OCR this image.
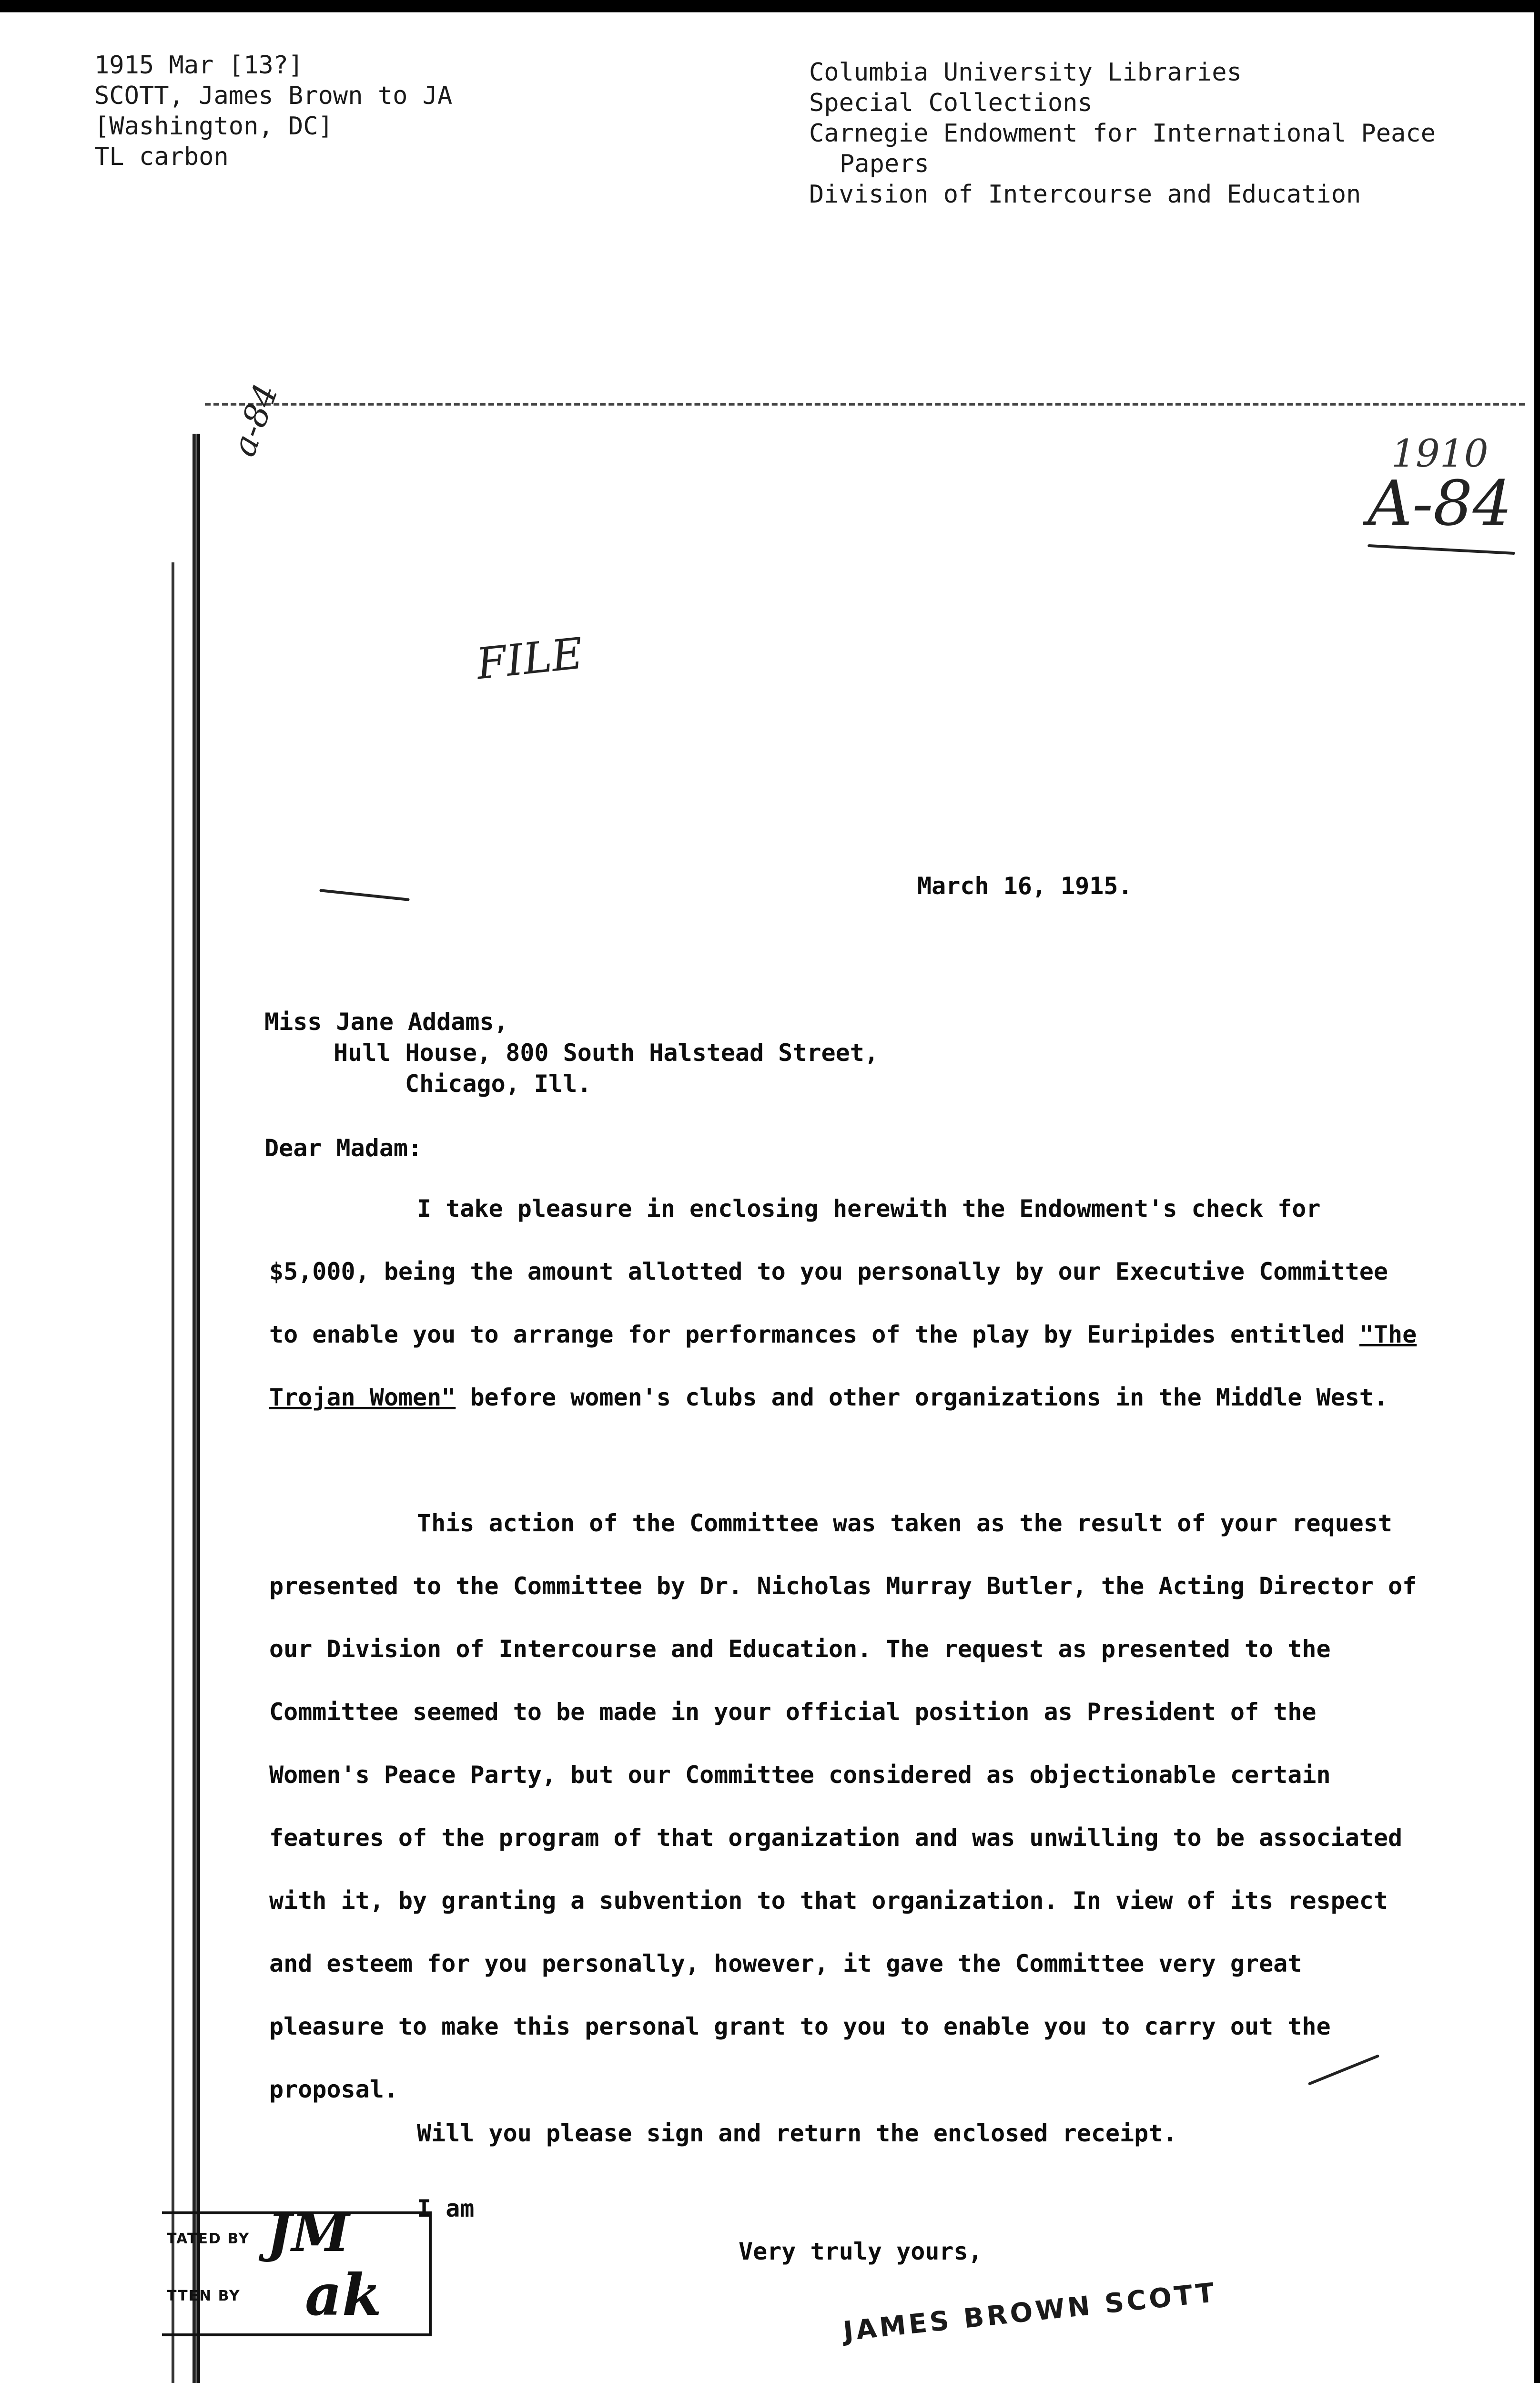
1915 Mar [13?]
SCOTT, James Brown to JA
[Washington, DC]
TL carbon
Columbia University Libraries
Special Collections
Carnegie Endowment for International Peace
Papers
Division of Intercourse and Education
a-84	1910
A-84
FILE
March 16, 1915.
Miss Jane Addams,
Hull House, 800 South Halstead Street,
Chicago, Ill.
Dear Madam:
I take pleasure in enclosing herewith the Endowment's check for $5,000, being the amount allotted to you personally by our Executive Committee to enable you to arrange for performances of the play by Euripides entitled "The Trojan Women" before women's clubs and other organizations in the Middle West.
This action of the Committee was taken as the result of your request presented to the Committee by Dr. Nicholas Murray Butler, the Acting Director of our Division of Intercourse and Education. The request as presented to the Committee seemed to be made in your official position as President of the Women's Peace Party, but our Committee considered as objectionable certain features of the program of that organization and was unwilling to be associated with it, by granting a subvention to that organization. In view of its respect and esteem for you personally, however, it gave the Committee very great pleasure to make this personal grant to you to enable you to carry out the proposal.
Will you please sign and return the enclosed receipt.
I am
Very truly yours,
JAMES BROWN SCOTT
TATED BY JM
TTEN BY ak
